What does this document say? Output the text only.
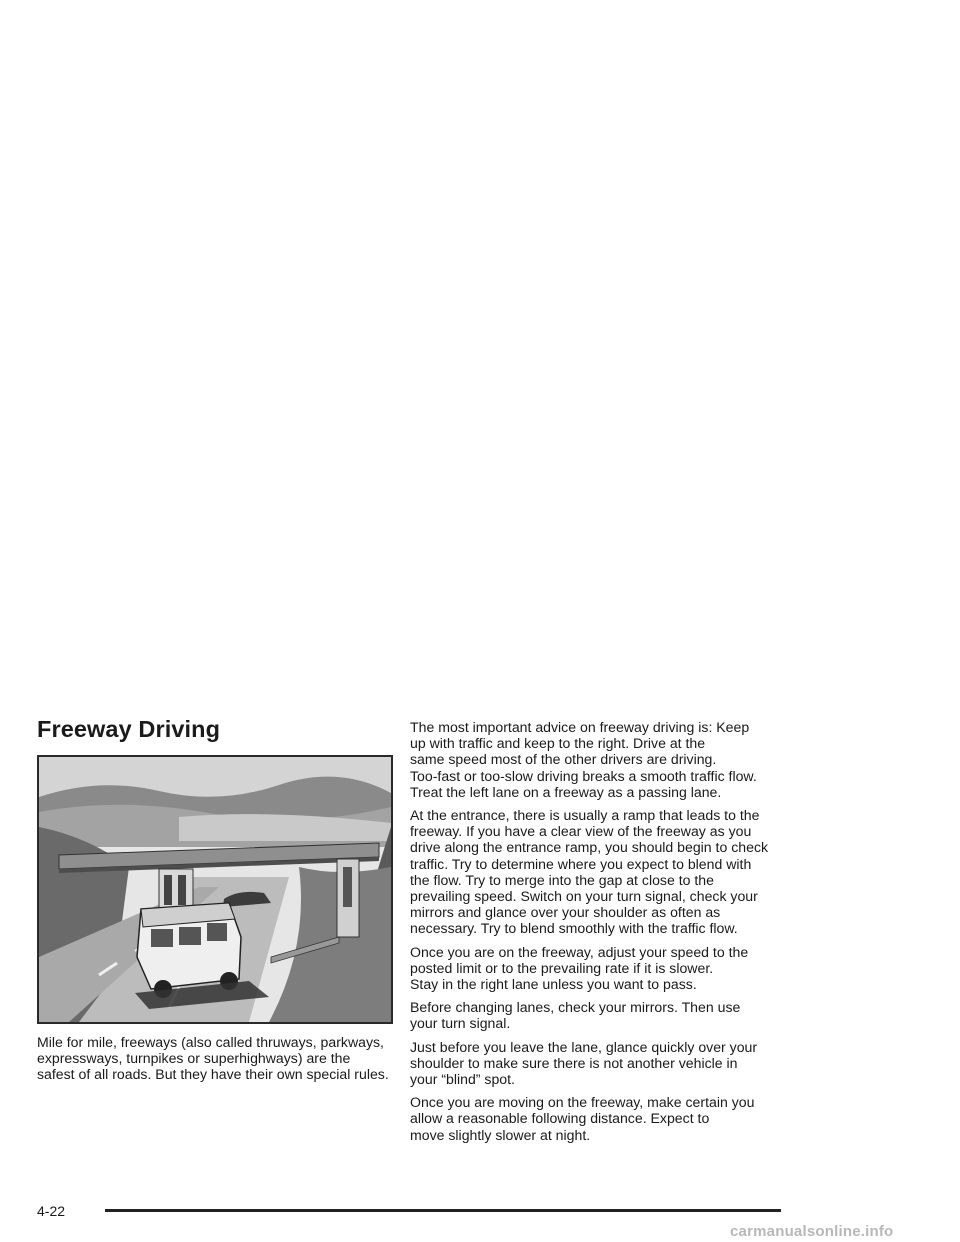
Freeway Driving

Mile for mile, freeways (also called thruways, parkways,
expressways, turnpikes or superhighways) are the
safest of all roads. But they have their own special rules.

The most important advice on freeway driving is: Keep
up with traffic and keep to the right. Drive at the
same speed most of the other drivers are driving.
Too-fast or too-slow driving breaks a smooth traffic flow.
Treat the left lane on a freeway as a passing lane.

At the entrance, there is usually a ramp that leads to the
freeway. If you have a clear view of the freeway as you
drive along the entrance ramp, you should begin to check
traffic. Try to determine where you expect to blend with
the flow. Try to merge into the gap at close to the
prevailing speed. Switch on your turn signal, check your
mirrors and glance over your shoulder as often as
necessary. Try to blend smoothly with the traffic flow.

Once you are on the freeway, adjust your speed to the
posted limit or to the prevailing rate if it is slower.
Stay in the right lane unless you want to pass.

Before changing lanes, check your mirrors. Then use
your turn signal.

Just before you leave the lane, glance quickly over your
shoulder to make sure there is not another vehicle in
your “blind” spot.

Once you are moving on the freeway, make certain you
allow a reasonable following distance. Expect to
move slightly slower at night.

4-22
carmanualsonline.info
